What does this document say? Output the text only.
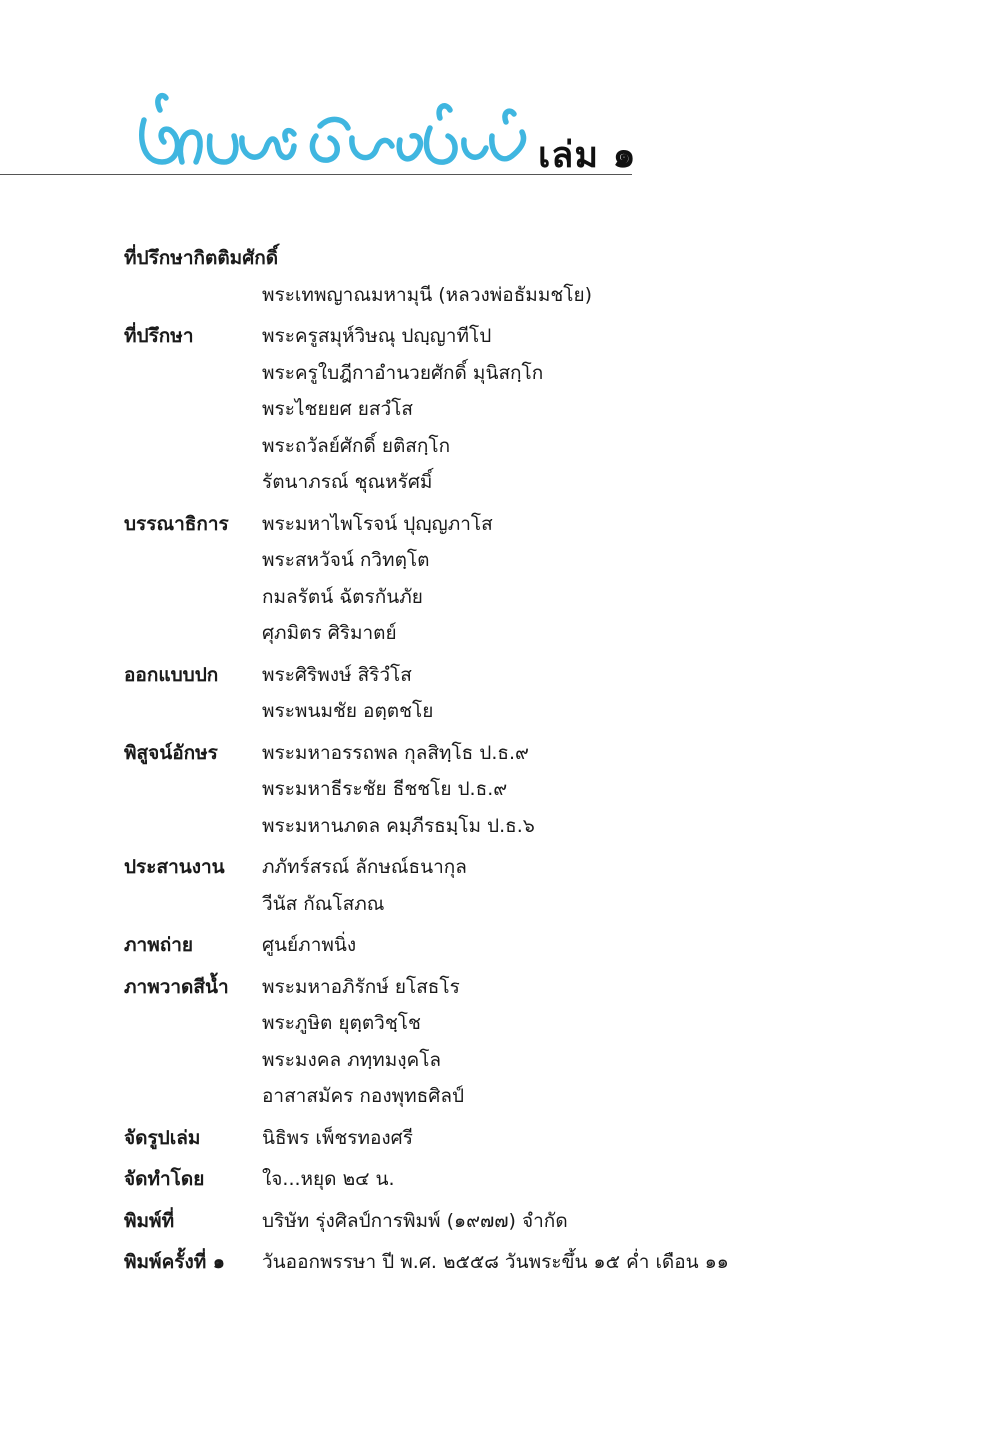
เล่ม ๑
ที่ปรึกษากิตติมศักดิ์
พระเทพญาณมหามุนี (หลวงพ่อธัมมชโย)
ที่ปรึกษา	พระครูสมุห์วิษณุ ปญฺญาทีโป
พระครูใบฎีกาอำนวยศักดิ์ มุนิสกฺโก
พระไชยยศ ยสวํโส
พระถวัลย์ศักดิ์ ยติสกฺโก
รัตนาภรณ์ ชุณหรัศมิ์
บรรณาธิการ	พระมหาไพโรจน์ ปุญฺญภาโส
พระสหวัจน์ กวิทตฺโต
กมลรัตน์ ฉัตรกันภัย
ศุภมิตร ศิริมาตย์
ออกแบบปก	พระศิริพงษ์ สิริวํโส
พระพนมชัย อตฺตชโย
พิสูจน์อักษร	พระมหาอรรถพล กุลสิทฺโธ ป.ธ.๙
พระมหาธีระชัย ธีชชโย ป.ธ.๙
พระมหานภดล คมฺภีรธมฺโม ป.ธ.๖
ประสานงาน	ภภัทร์สรณ์ ลักษณ์ธนากุล
วีนัส กัณโสภณ
ภาพถ่าย	ศูนย์ภาพนิ่ง
ภาพวาดสีน้ำ	พระมหาอภิรักษ์ ยโสธโร
พระภูษิต ยุตฺตวิชฺโช
พระมงคล ภทฺทมงฺคโล
อาสาสมัคร กองพุทธศิลป์
จัดรูปเล่ม	นิธิพร เพ็ชรทองศรี
จัดทำโดย	ใจ...หยุด ๒๔ น.
พิมพ์ที่	บริษัท รุ่งศิลป์การพิมพ์ (๑๙๗๗) จำกัด
พิมพ์ครั้งที่ ๑	วันออกพรรษา ปี พ.ศ. ๒๕๕๘ วันพระขึ้น ๑๕ ค่ำ เดือน ๑๑
